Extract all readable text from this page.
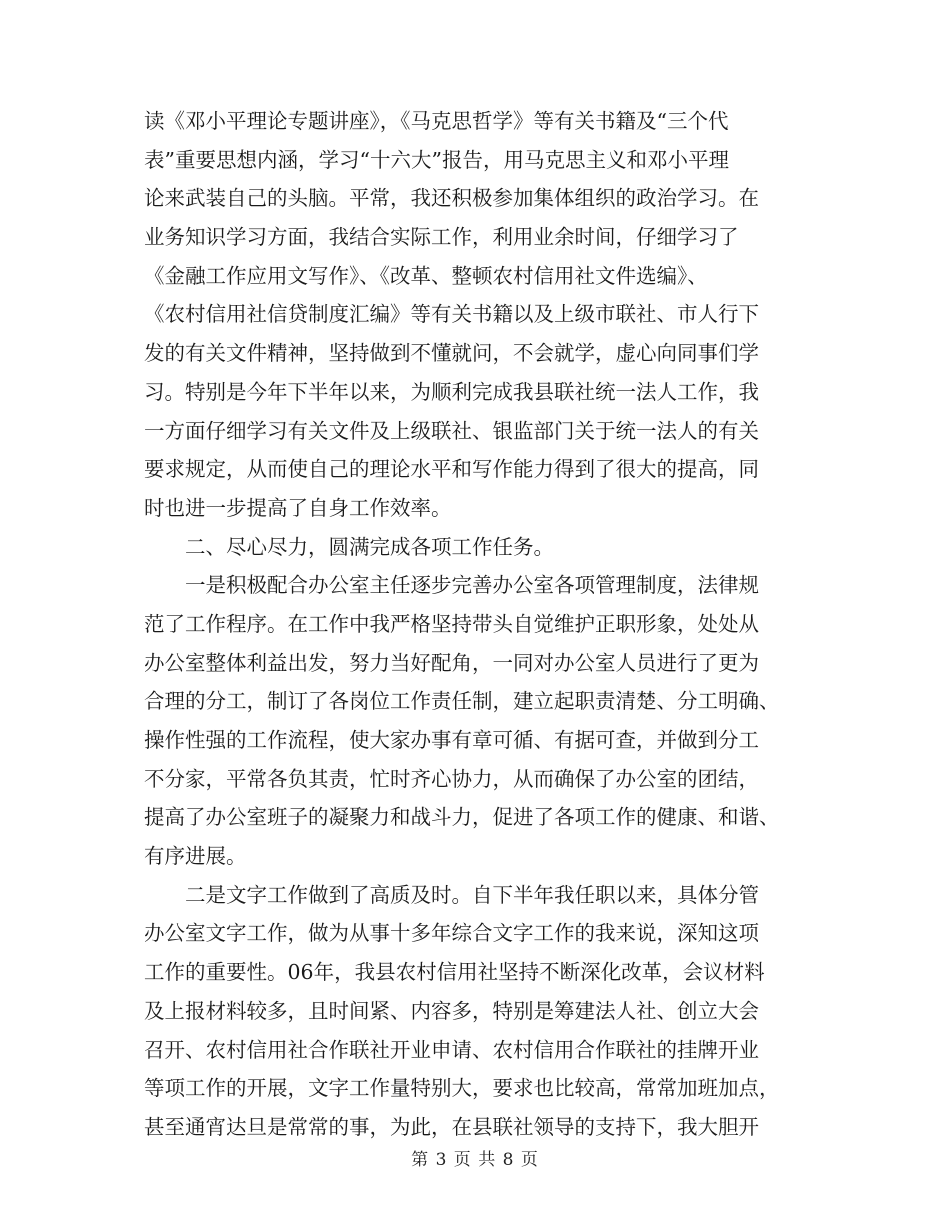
读《邓小平理论专题讲座》，《马克思哲学》等有关书籍及“三个代
表”重要思想内涵，学习“十六大”报告，用马克思主义和邓小平理
论来武装自己的头脑。平常，我还积极参加集体组织的政治学习。在
业务知识学习方面，我结合实际工作，利用业余时间，仔细学习了
《金融工作应用文写作》、《改革、整顿农村信用社文件选编》、
《农村信用社信贷制度汇编》等有关书籍以及上级市联社、市人行下
发的有关文件精神，坚持做到不懂就问，不会就学，虚心向同事们学
习。特别是今年下半年以来，为顺利完成我县联社统一法人工作，我
一方面仔细学习有关文件及上级联社、银监部门关于统一法人的有关
要求规定，从而使自己的理论水平和写作能力得到了很大的提高，同
时也进一步提高了自身工作效率。
　　二、尽心尽力，圆满完成各项工作任务。
　　一是积极配合办公室主任逐步完善办公室各项管理制度，法律规
范了工作程序。在工作中我严格坚持带头自觉维护正职形象，处处从
办公室整体利益出发，努力当好配角，一同对办公室人员进行了更为
合理的分工，制订了各岗位工作责任制，建立起职责清楚、分工明确、
操作性强的工作流程，使大家办事有章可循、有据可查，并做到分工
不分家，平常各负其责，忙时齐心协力，从而确保了办公室的团结，
提高了办公室班子的凝聚力和战斗力，促进了各项工作的健康、和谐、
有序进展。
　　二是文字工作做到了高质及时。自下半年我任职以来，具体分管
办公室文字工作，做为从事十多年综合文字工作的我来说，深知这项
工作的重要性。06年，我县农村信用社坚持不断深化改革，会议材料
及上报材料较多，且时间紧、内容多，特别是筹建法人社、创立大会
召开、农村信用社合作联社开业申请、农村信用合作联社的挂牌开业
等项工作的开展，文字工作量特别大，要求也比较高，常常加班加点，
甚至通宵达旦是常常的事，为此，在县联社领导的支持下，我大胆开
第 3 页 共 8 页
